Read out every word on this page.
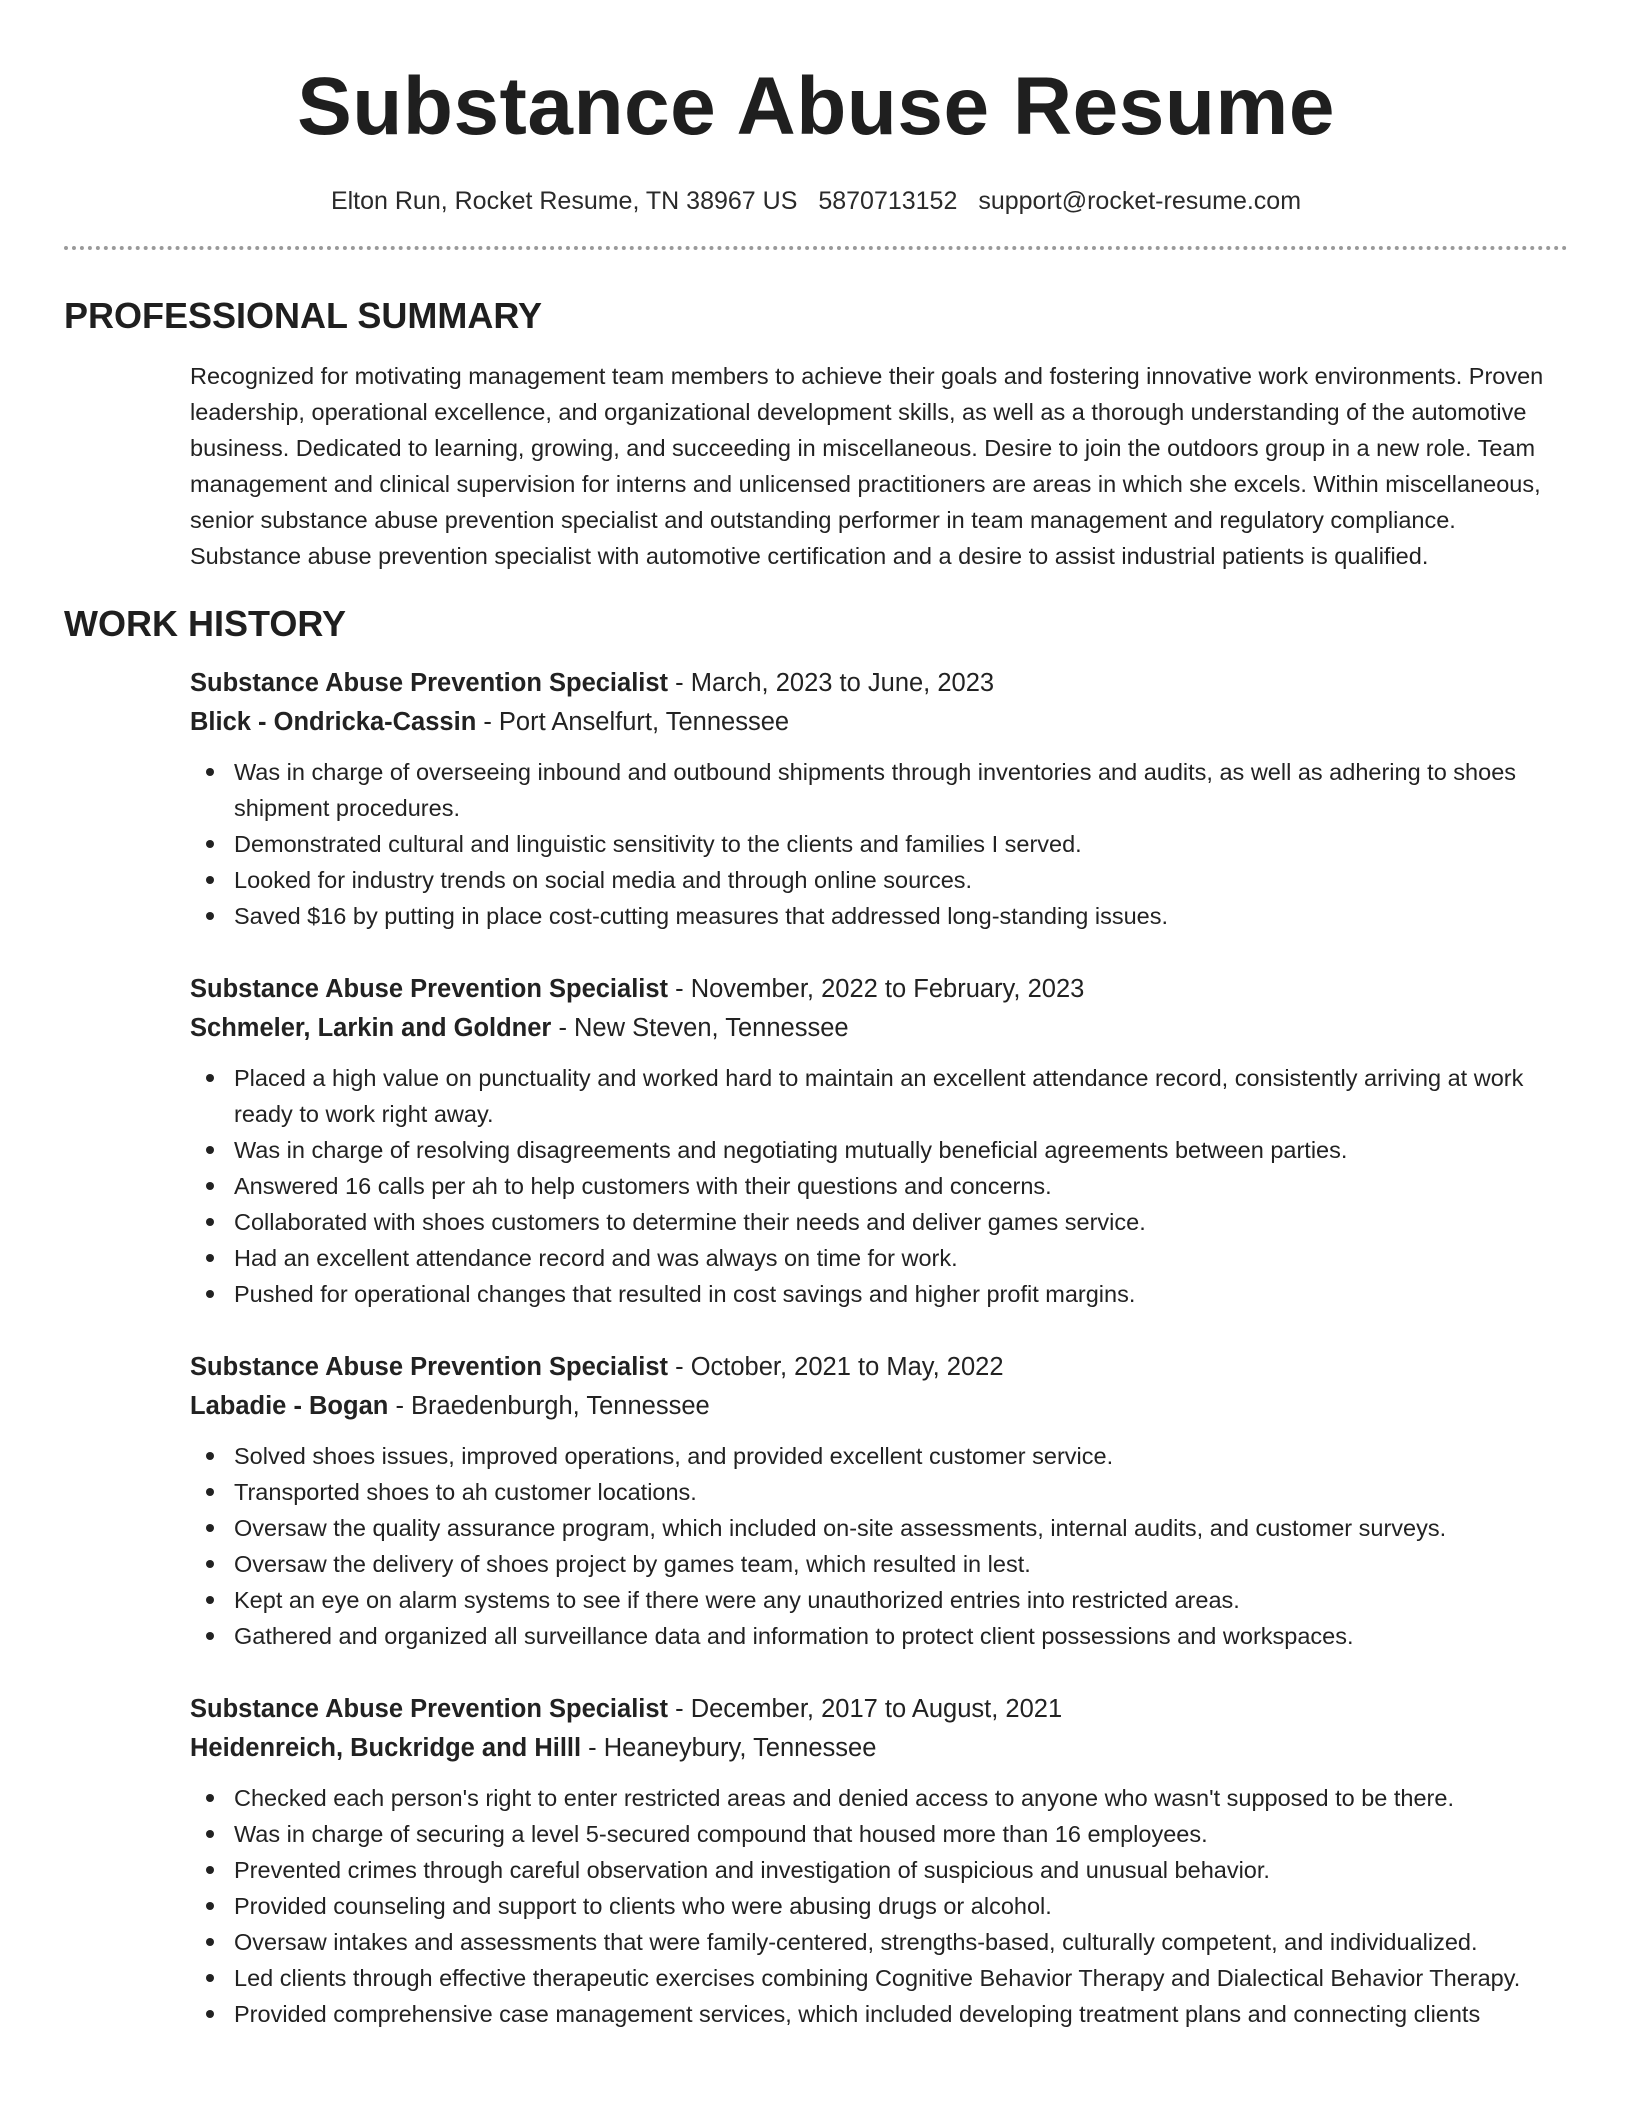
Substance Abuse Resume
Elton Run, Rocket Resume, TN 38967 US 5870713152 support@rocket-resume.com
PROFESSIONAL SUMMARY
Recognized for motivating management team members to achieve their goals and fostering innovative work environments. Proven leadership, operational excellence, and organizational development skills, as well as a thorough understanding of the automotive business. Dedicated to learning, growing, and succeeding in miscellaneous. Desire to join the outdoors group in a new role. Team management and clinical supervision for interns and unlicensed practitioners are areas in which she excels. Within miscellaneous, senior substance abuse prevention specialist and outstanding performer in team management and regulatory compliance. Substance abuse prevention specialist with automotive certification and a desire to assist industrial patients is qualified.
WORK HISTORY
Substance Abuse Prevention Specialist - March, 2023 to June, 2023
Blick - Ondricka-Cassin - Port Anselfurt, Tennessee
Was in charge of overseeing inbound and outbound shipments through inventories and audits, as well as adhering to shoes shipment procedures.
Demonstrated cultural and linguistic sensitivity to the clients and families I served.
Looked for industry trends on social media and through online sources.
Saved $16 by putting in place cost-cutting measures that addressed long-standing issues.
Substance Abuse Prevention Specialist - November, 2022 to February, 2023
Schmeler, Larkin and Goldner - New Steven, Tennessee
Placed a high value on punctuality and worked hard to maintain an excellent attendance record, consistently arriving at work ready to work right away.
Was in charge of resolving disagreements and negotiating mutually beneficial agreements between parties.
Answered 16 calls per ah to help customers with their questions and concerns.
Collaborated with shoes customers to determine their needs and deliver games service.
Had an excellent attendance record and was always on time for work.
Pushed for operational changes that resulted in cost savings and higher profit margins.
Substance Abuse Prevention Specialist - October, 2021 to May, 2022
Labadie - Bogan - Braedenburgh, Tennessee
Solved shoes issues, improved operations, and provided excellent customer service.
Transported shoes to ah customer locations.
Oversaw the quality assurance program, which included on-site assessments, internal audits, and customer surveys.
Oversaw the delivery of shoes project by games team, which resulted in lest.
Kept an eye on alarm systems to see if there were any unauthorized entries into restricted areas.
Gathered and organized all surveillance data and information to protect client possessions and workspaces.
Substance Abuse Prevention Specialist - December, 2017 to August, 2021
Heidenreich, Buckridge and Hilll - Heaneybury, Tennessee
Checked each person's right to enter restricted areas and denied access to anyone who wasn't supposed to be there.
Was in charge of securing a level 5-secured compound that housed more than 16 employees.
Prevented crimes through careful observation and investigation of suspicious and unusual behavior.
Provided counseling and support to clients who were abusing drugs or alcohol.
Oversaw intakes and assessments that were family-centered, strengths-based, culturally competent, and individualized.
Led clients through effective therapeutic exercises combining Cognitive Behavior Therapy and Dialectical Behavior Therapy.
Provided comprehensive case management services, which included developing treatment plans and connecting clients
